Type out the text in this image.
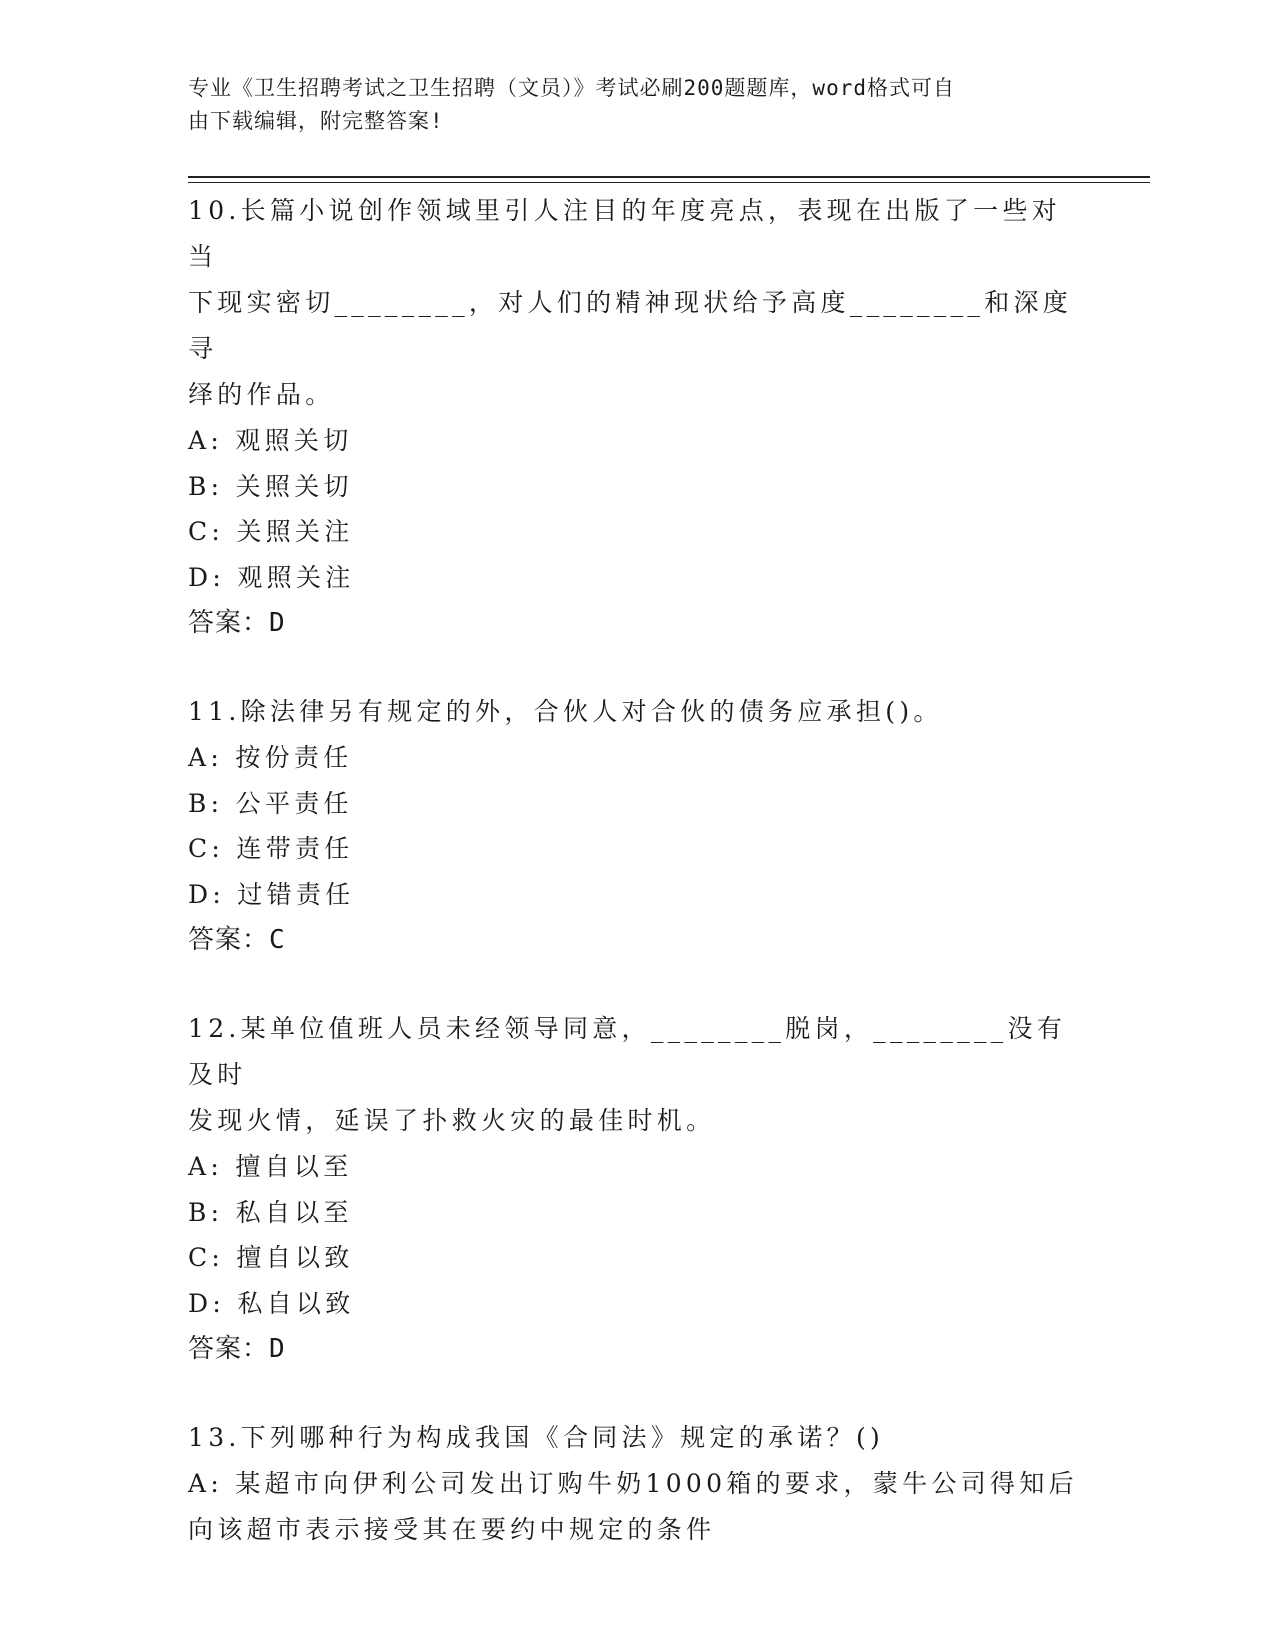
专业《卫生招聘考试之卫生招聘（文员）》考试必刷200题题库，word格式可自
由下载编辑，附完整答案!

10.长篇小说创作领域里引人注目的年度亮点，表现在出版了一些对当

下现实密切________，对人们的精神现状给予高度________和深度寻

绎的作品。

A: 观照关切

B: 关照关切

C: 关照关注

D: 观照关注

答案：D

11.除法律另有规定的外，合伙人对合伙的债务应承担()。

A: 按份责任

B: 公平责任

C: 连带责任

D: 过错责任

答案：C

12.某单位值班人员未经领导同意，________脱岗，________没有及时

发现火情，延误了扑救火灾的最佳时机。

A: 擅自以至

B: 私自以至

C: 擅自以致

D: 私自以致

答案：D

13.下列哪种行为构成我国《合同法》规定的承诺？()

A: 某超市向伊利公司发出订购牛奶1000箱的要求，蒙牛公司得知后

向该超市表示接受其在要约中规定的条件
